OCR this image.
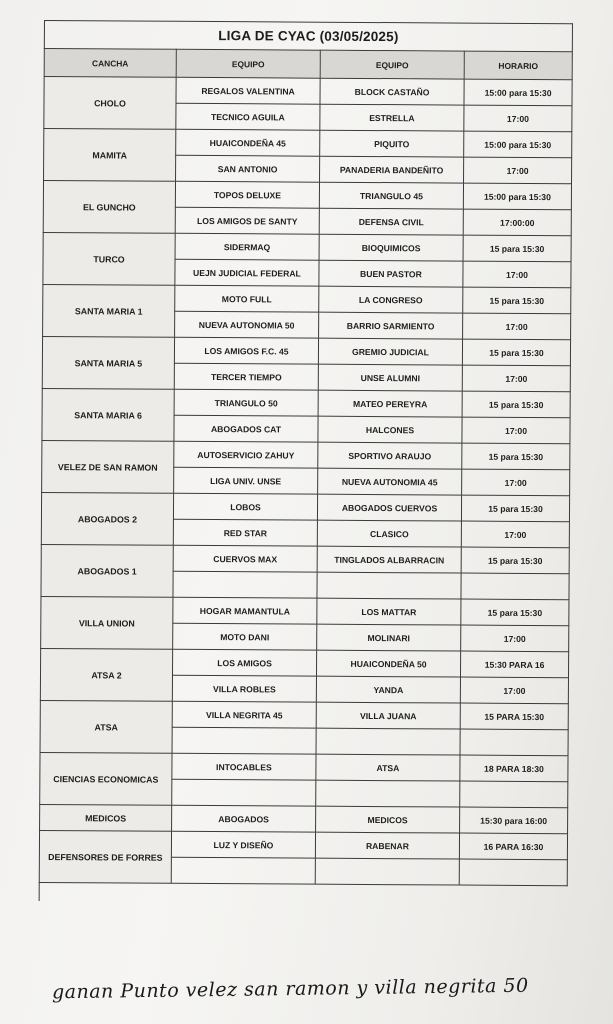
LIGA DE CYAC (03/05/2025)			
CANCHA	EQUIPO	EQUIPO	HORARIO
CHOLO	REGALOS VALENTINA	BLOCK CASTAÑO	15:00 para 15:30
	TECNICO AGUILA	ESTRELLA	17:00
MAMITA	HUAICONDEÑA 45	PIQUITO	15:00 para 15:30
	SAN ANTONIO	PANADERIA BANDEÑITO	17:00
EL GUNCHO	TOPOS DELUXE	TRIANGULO 45	15:00 para 15:30
	LOS AMIGOS DE SANTY	DEFENSA CIVIL	17:00:00
TURCO	SIDERMAQ	BIOQUIMICOS	15 para 15:30
	UEJN JUDICIAL FEDERAL	BUEN PASTOR	17:00
SANTA MARIA 1	MOTO FULL	LA CONGRESO	15 para 15:30
	NUEVA AUTONOMIA 50	BARRIO SARMIENTO	17:00
SANTA MARIA 5	LOS AMIGOS F.C. 45	GREMIO JUDICIAL	15 para 15:30
	TERCER TIEMPO	UNSE ALUMNI	17:00
SANTA MARIA 6	TRIANGULO 50	MATEO PEREYRA	15 para 15:30
	ABOGADOS CAT	HALCONES	17:00
VELEZ DE SAN RAMON	AUTOSERVICIO ZAHUY	SPORTIVO ARAUJO	15 para 15:30
	LIGA UNIV. UNSE	NUEVA AUTONOMIA 45	17:00
ABOGADOS 2	LOBOS	ABOGADOS CUERVOS	15 para 15:30
	RED STAR	CLASICO	17:00
ABOGADOS 1	CUERVOS MAX	TINGLADOS ALBARRACIN	15 para 15:30

VILLA UNION	HOGAR MAMANTULA	LOS MATTAR	15 para 15:30
	MOTO DANI	MOLINARI	17:00
ATSA 2	LOS AMIGOS	HUAICONDEÑA 50	15:30 PARA 16
	VILLA ROBLES	YANDA	17:00
ATSA	VILLA NEGRITA 45	VILLA JUANA	15 PARA 15:30

CIENCIAS ECONOMICAS	INTOCABLES	ATSA	18 PARA 18:30

MEDICOS	ABOGADOS	MEDICOS	15:30 para 16:00
DEFENSORES DE FORRES	LUZ Y DISEÑO	RABENAR	16 PARA 16:30

ganan Punto velez san ramon y villa negrita 50
